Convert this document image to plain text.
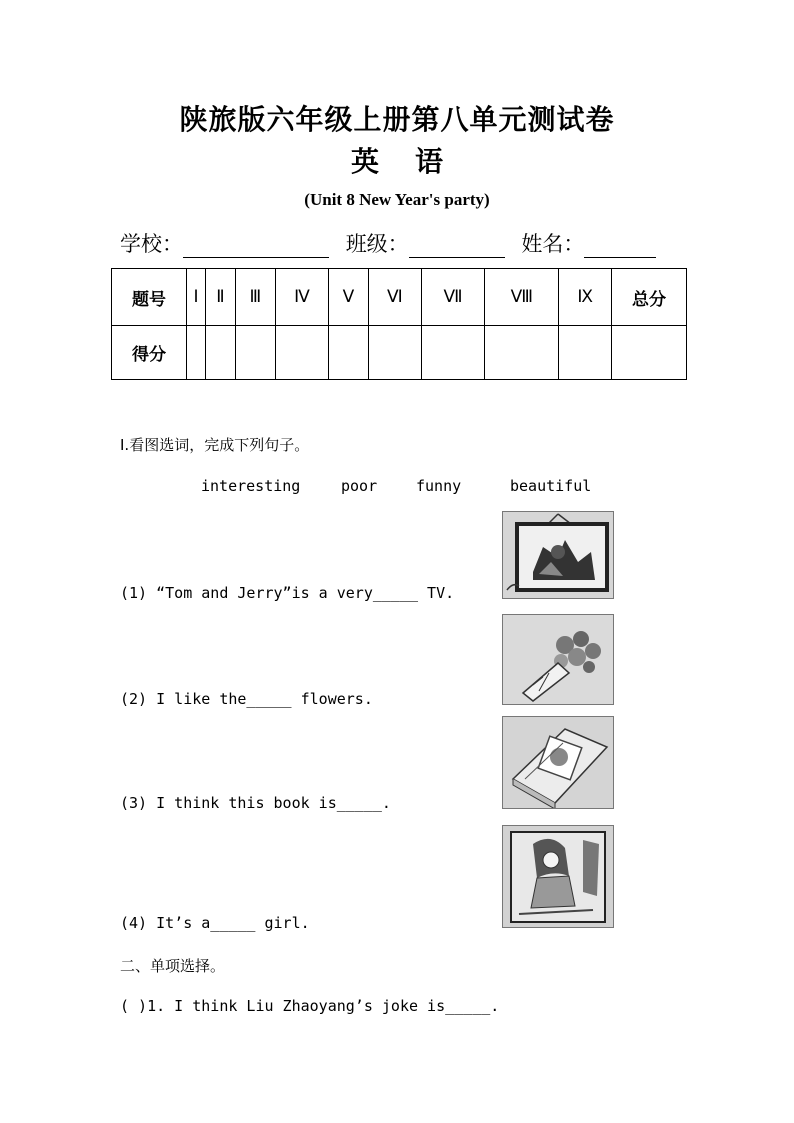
陕旅版六年级上册第八单元测试卷
英语
(Unit 8 New Year's party)
学校：	班级：	姓名：
题号	Ⅰ	Ⅱ	Ⅲ	Ⅳ	Ⅴ	Ⅵ	Ⅶ	Ⅷ	Ⅸ	总分
得分										
I.看图选词，完成下列句子。
interesting	poor	funny	beautiful
(1) “Tom and Jerry”is a very_____ TV.
(2) I like the_____ flowers.
(3) I think this book is_____.
(4) It’s a_____ girl.
二、单项选择。
( )1. I think Liu Zhaoyang’s joke is_____.
